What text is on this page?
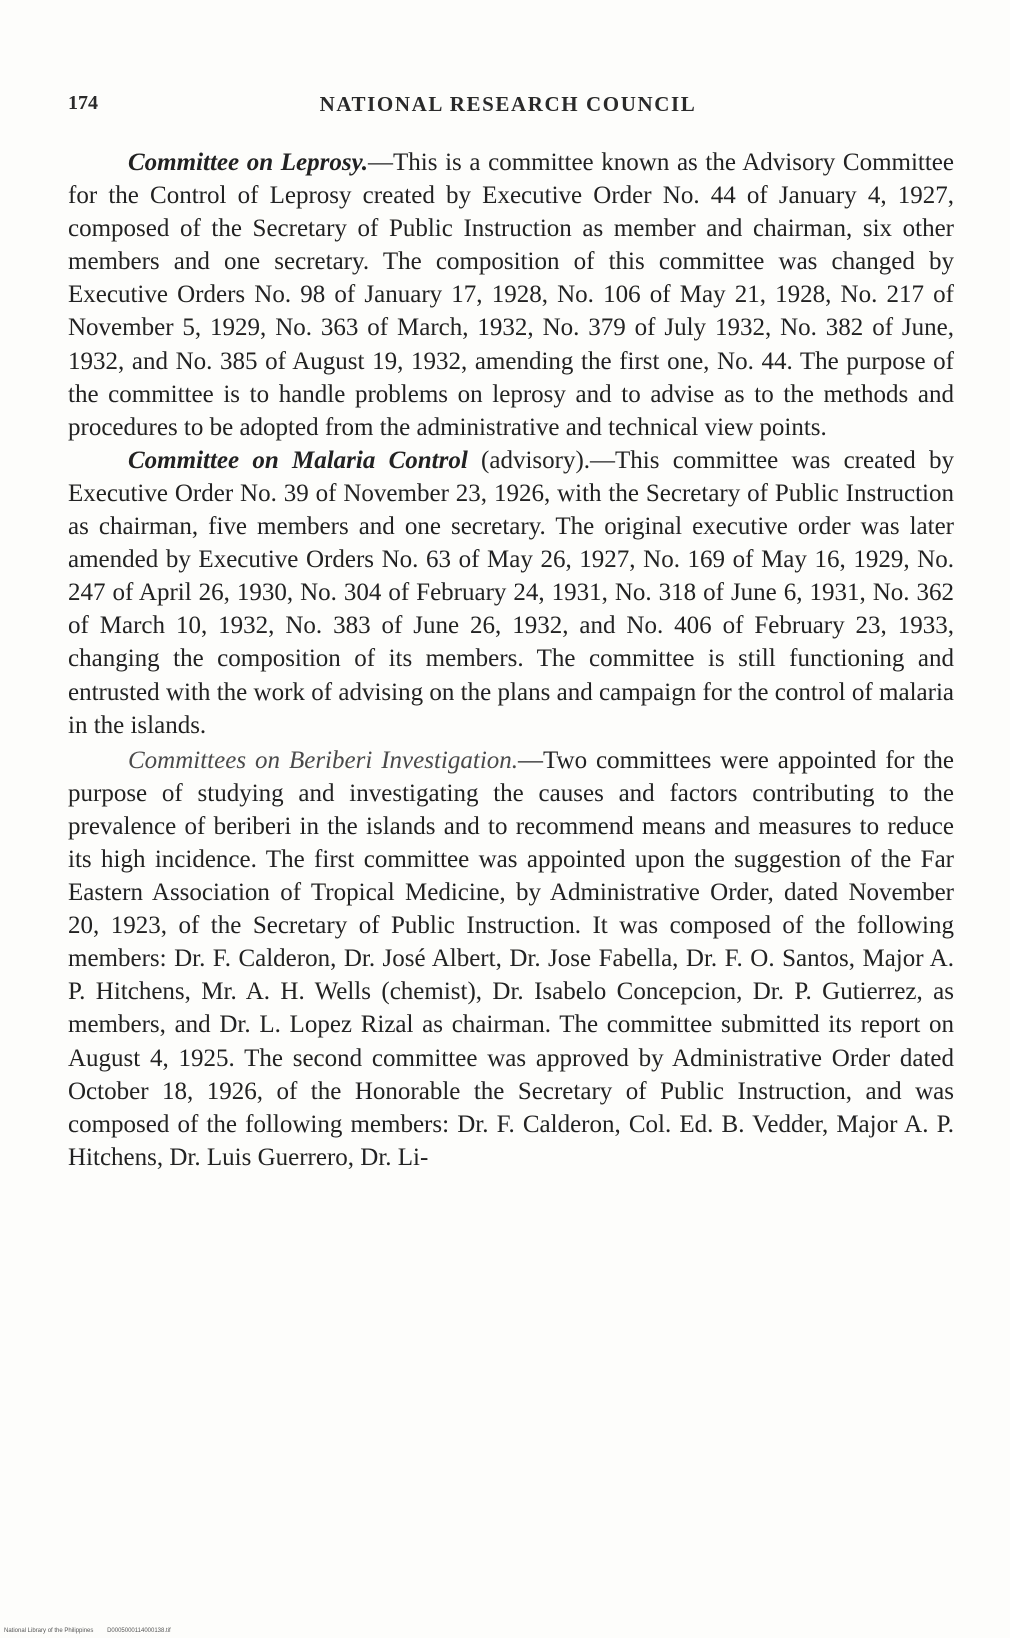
174	NATIONAL RESEARCH COUNCIL

Committee on Leprosy.—This is a committee known as the Advisory Committee for the Control of Leprosy created by Executive Order No. 44 of January 4, 1927, composed of the Secretary of Public Instruction as member and chairman, six other members and one secretary. The composition of this committee was changed by Executive Orders No. 98 of January 17, 1928, No. 106 of May 21, 1928, No. 217 of November 5, 1929, No. 363 of March, 1932, No. 379 of July 1932, No. 382 of June, 1932, and No. 385 of August 19, 1932, amending the first one, No. 44. The purpose of the committee is to handle problems on leprosy and to advise as to the methods and procedures to be adopted from the administrative and technical view points.

Committee on Malaria Control (advisory).—This committee was created by Executive Order No. 39 of November 23, 1926, with the Secretary of Public Instruction as chairman, five members and one secretary. The original executive order was later amended by Executive Orders No. 63 of May 26, 1927, No. 169 of May 16, 1929, No. 247 of April 26, 1930, No. 304 of February 24, 1931, No. 318 of June 6, 1931, No. 362 of March 10, 1932, No. 383 of June 26, 1932, and No. 406 of February 23, 1933, changing the composition of its members. The committee is still functioning and entrusted with the work of advising on the plans and campaign for the control of malaria in the islands.

Committees on Beriberi Investigation.—Two committees were appointed for the purpose of studying and investigating the causes and factors contributing to the prevalence of beriberi in the islands and to recommend means and measures to reduce its high incidence. The first committee was appointed upon the suggestion of the Far Eastern Association of Tropical Medicine, by Administrative Order, dated November 20, 1923, of the Secretary of Public Instruction. It was composed of the following members: Dr. F. Calderon, Dr. José Albert, Dr. Jose Fabella, Dr. F. O. Santos, Major A. P. Hitchens, Mr. A. H. Wells (chemist), Dr. Isabelo Concepcion, Dr. P. Gutierrez, as members, and Dr. L. Lopez Rizal as chairman. The committee submitted its report on August 4, 1925. The second committee was approved by Administrative Order dated October 18, 1926, of the Honorable the Secretary of Public Instruction, and was composed of the following members: Dr. F. Calderon, Col. Ed. B. Vedder, Major A. P. Hitchens, Dr. Luis Guerrero, Dr. Li-

National Library of the Philippines D0005000114000138.tif
